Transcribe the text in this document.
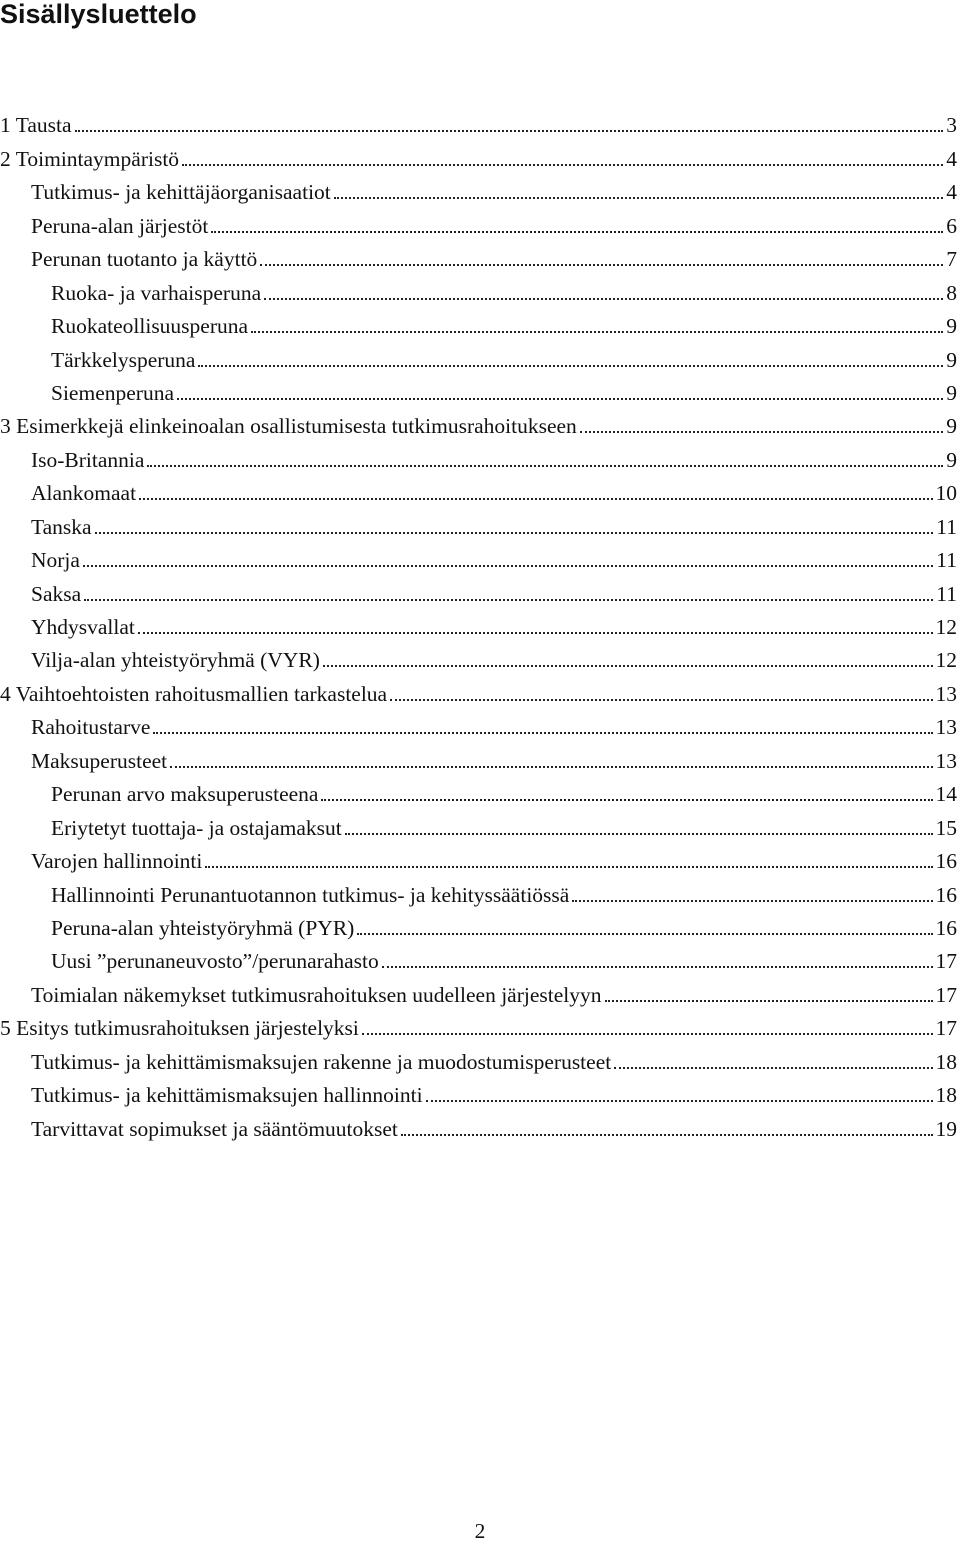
Sisällysluettelo
1 Tausta	3
2 Toimintaympäristö	4
Tutkimus- ja kehittäjäorganisaatiot	4
Peruna-alan järjestöt	6
Perunan tuotanto ja käyttö	7
Ruoka- ja varhaisperuna	8
Ruokateollisuusperuna	9
Tärkkelysperuna	9
Siemenperuna	9
3 Esimerkkejä elinkeinoalan osallistumisesta tutkimusrahoitukseen	9
Iso-Britannia	9
Alankomaat	10
Tanska	11
Norja	11
Saksa	11
Yhdysvallat	12
Vilja-alan yhteistyöryhmä (VYR)	12
4 Vaihtoehtoisten rahoitusmallien tarkastelua	13
Rahoitustarve	13
Maksuperusteet	13
Perunan arvo maksuperusteena	14
Eriytetyt tuottaja- ja ostajamaksut	15
Varojen hallinnointi	16
Hallinnointi Perunantuotannon tutkimus- ja kehityssäätiössä	16
Peruna-alan yhteistyöryhmä (PYR)	16
Uusi ”perunaneuvosto”/perunarahasto	17
Toimialan näkemykset tutkimusrahoituksen uudelleen järjestelyyn	17
5 Esitys tutkimusrahoituksen järjestelyksi	17
Tutkimus- ja kehittämismaksujen rakenne ja muodostumisperusteet	18
Tutkimus- ja kehittämismaksujen hallinnointi	18
Tarvittavat sopimukset ja sääntömuutokset	19
2
